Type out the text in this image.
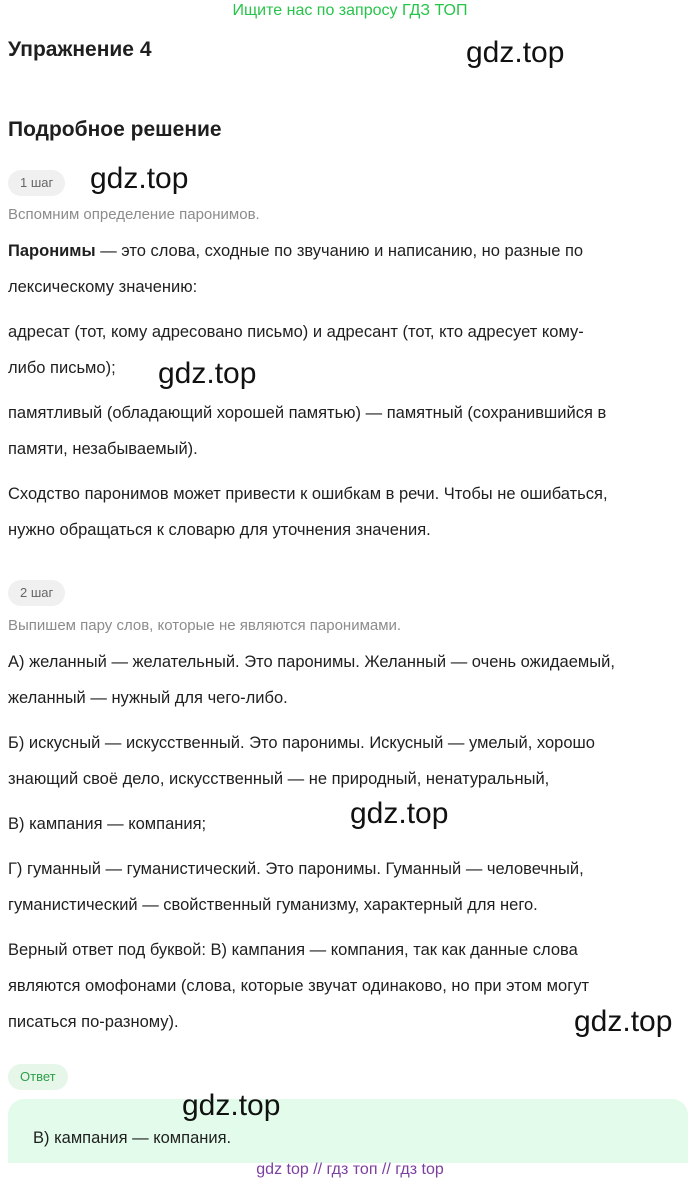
Ищите нас по запросу ГДЗ ТОП
Упражнение 4	gdz.top
Подробное решение
1 шаг	gdz.top
Вспомним определение паронимов.
Паронимы — это слова, сходные по звучанию и написанию, но разные по
лексическому значению:
адресат (тот, кому адресовано письмо) и адресант (тот, кто адресует кому-
либо письмо);	gdz.top
памятливый (обладающий хорошей памятью) — памятный (сохранившийся в
памяти, незабываемый).
Сходство паронимов может привести к ошибкам в речи. Чтобы не ошибаться,
нужно обращаться к словарю для уточнения значения.
2 шаг
Выпишем пару слов, которые не являются паронимами.
А) желанный — желательный. Это паронимы. Желанный — очень ожидаемый,
желанный — нужный для чего-либо.
Б) искусный — искусственный. Это паронимы. Искусный — умелый, хорошо
знающий своё дело, искусственный — не природный, ненатуральный,
gdz.top
В) кампания — компания;
Г) гуманный — гуманистический. Это паронимы. Гуманный — человечный,
гуманистический — свойственный гуманизму, характерный для него.
Верный ответ под буквой: В) кампания — компания, так как данные слова
являются омофонами (слова, которые звучат одинаково, но при этом могут
писаться по-разному).	gdz.top
Ответ
В) кампания — компания.
gdz.top
gdz top // гдз топ // гдз top
